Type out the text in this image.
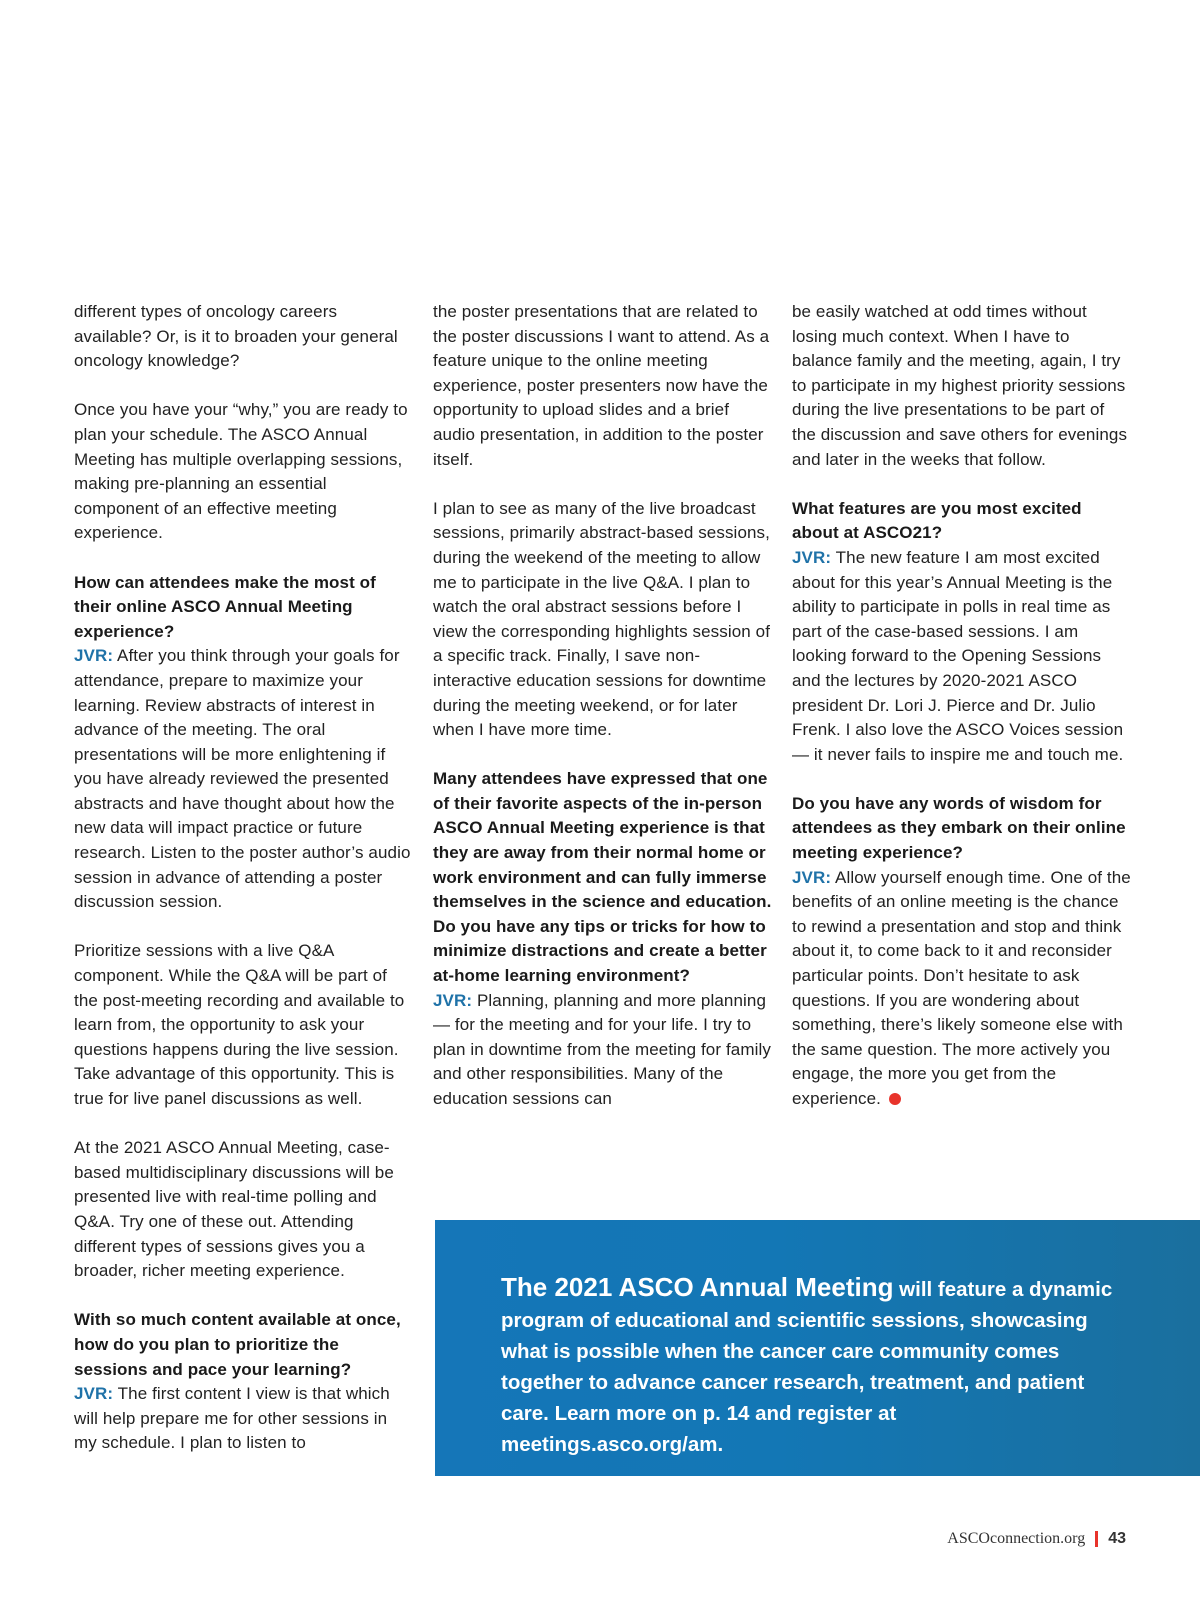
different types of oncology careers available? Or, is it to broaden your general oncology knowledge?

Once you have your “why,” you are ready to plan your schedule. The ASCO Annual Meeting has multiple overlapping sessions, making pre-planning an essential component of an effective meeting experience.

How can attendees make the most of their online ASCO Annual Meeting experience?
JVR: After you think through your goals for attendance, prepare to maximize your learning. Review abstracts of interest in advance of the meeting. The oral presentations will be more enlightening if you have already reviewed the presented abstracts and have thought about how the new data will impact practice or future research. Listen to the poster author’s audio session in advance of attending a poster discussion session.

Prioritize sessions with a live Q&A component. While the Q&A will be part of the post-meeting recording and available to learn from, the opportunity to ask your questions happens during the live session. Take advantage of this opportunity. This is true for live panel discussions as well.

At the 2021 ASCO Annual Meeting, case-based multidisciplinary discussions will be presented live with real-time polling and Q&A. Try one of these out. Attending different types of sessions gives you a broader, richer meeting experience.

With so much content available at once, how do you plan to prioritize the sessions and pace your learning?
JVR: The first content I view is that which will help prepare me for other sessions in my schedule. I plan to listen to

the poster presentations that are related to the poster discussions I want to attend. As a feature unique to the online meeting experience, poster presenters now have the opportunity to upload slides and a brief audio presentation, in addition to the poster itself.

I plan to see as many of the live broadcast sessions, primarily abstract-based sessions, during the weekend of the meeting to allow me to participate in the live Q&A. I plan to watch the oral abstract sessions before I view the corresponding highlights session of a specific track. Finally, I save non-interactive education sessions for downtime during the meeting weekend, or for later when I have more time.

Many attendees have expressed that one of their favorite aspects of the in-person ASCO Annual Meeting experience is that they are away from their normal home or work environment and can fully immerse themselves in the science and education. Do you have any tips or tricks for how to minimize distractions and create a better at-home learning environment?
JVR: Planning, planning and more planning — for the meeting and for your life. I try to plan in downtime from the meeting for family and other responsibilities. Many of the education sessions can

be easily watched at odd times without losing much context. When I have to balance family and the meeting, again, I try to participate in my highest priority sessions during the live presentations to be part of the discussion and save others for evenings and later in the weeks that follow.

What features are you most excited about at ASCO21?
JVR: The new feature I am most excited about for this year’s Annual Meeting is the ability to participate in polls in real time as part of the case-based sessions. I am looking forward to the Opening Sessions and the lectures by 2020-2021 ASCO president Dr. Lori J. Pierce and Dr. Julio Frenk. I also love the ASCO Voices session — it never fails to inspire me and touch me.
Do you have any words of wisdom for attendees as they embark on their online meeting experience?
JVR: Allow yourself enough time. One of the benefits of an online meeting is the chance to rewind a presentation and stop and think about it, to come back to it and reconsider particular points. Don’t hesitate to ask questions. If you are wondering about something, there’s likely someone else with the same question. The more actively you engage, the more you get from the experience.
The 2021 ASCO Annual Meeting will feature a dynamic program of educational and scientific sessions, showcasing what is possible when the cancer care community comes together to advance cancer research, treatment, and patient care. Learn more on p. 14 and register at meetings.asco.org/am.
ASCOconnection.org 43
